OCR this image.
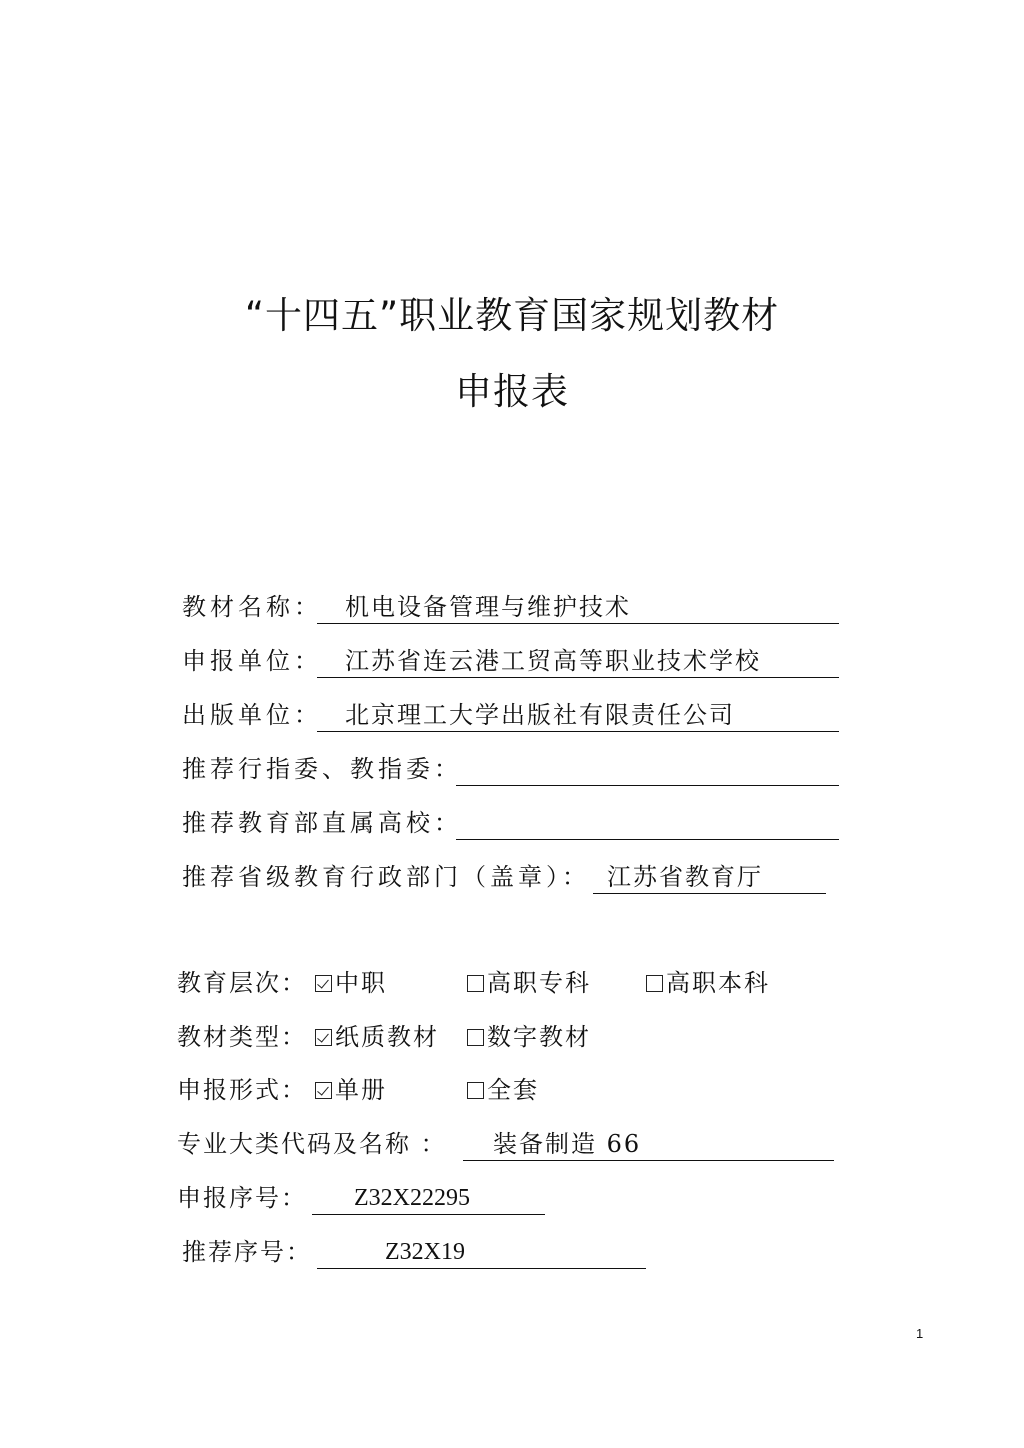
“十四五”职业教育国家规划教材
申报表
教材名称： 机电设备管理与维护技术
申报单位： 江苏省连云港工贸高等职业技术学校
出版单位： 北京理工大学出版社有限责任公司
推荐行指委、教指委：
推荐教育部直属高校：
推荐省级教育行政部门（盖章）： 江苏省教育厅
教育层次：	中职	高职专科	高职本科
教材类型：	纸质教材	数字教材
申报形式：	单册	全套
专业大类代码及名称 ：	装备制造 66
申报序号：	Z32X22295
推荐序号：	Z32X19
1
